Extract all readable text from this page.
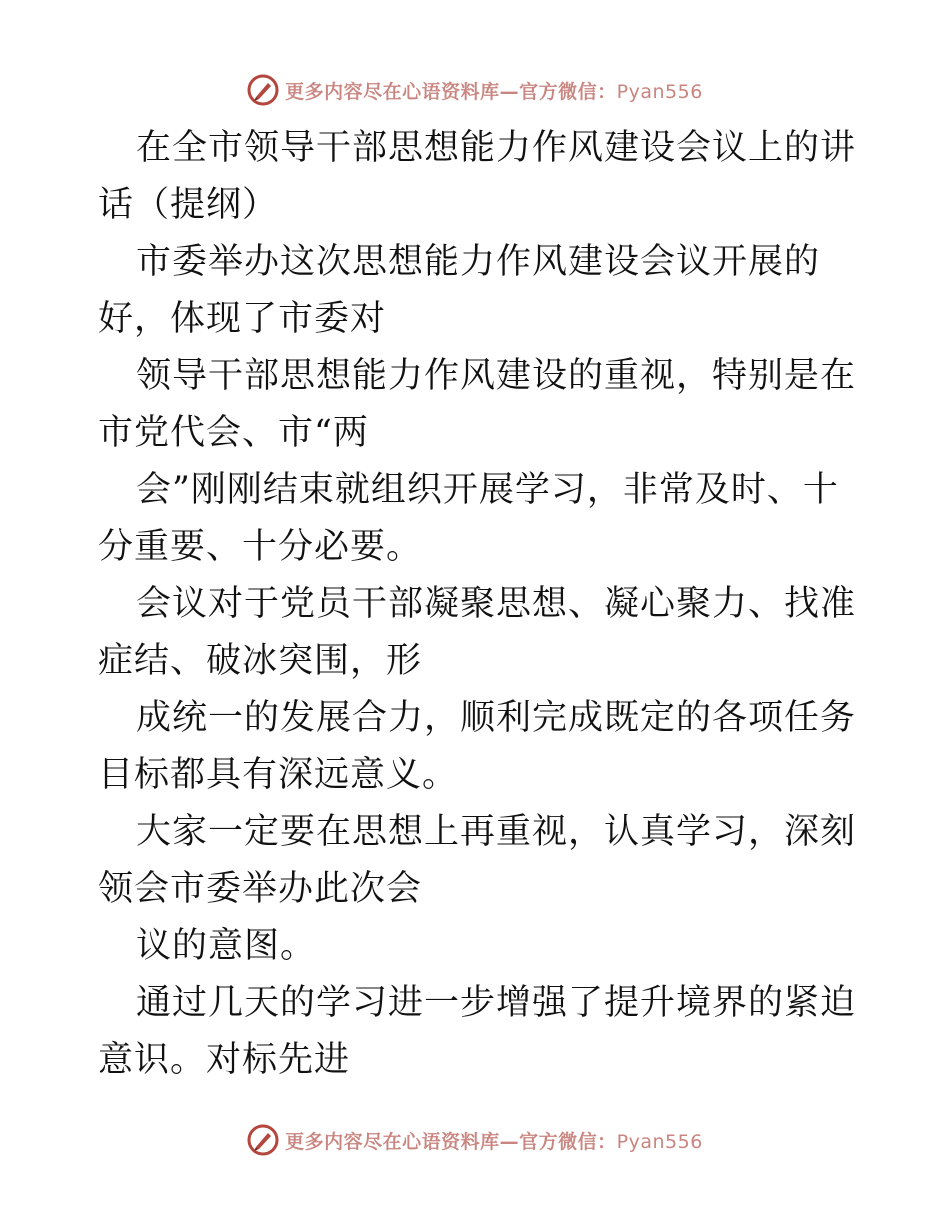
更多内容尽在心语资料库—官方微信：Pyan556

在全市领导干部思想能力作风建设会议上的讲话（提纲）

市委举办这次思想能力作风建设会议开展的好，体现了市委对

领导干部思想能力作风建设的重视，特别是在市党代会、市“两

会”刚刚结束就组织开展学习，非常及时、十分重要、十分必要。

会议对于党员干部凝聚思想、凝心聚力、找准症结、破冰突围，形

成统一的发展合力，顺利完成既定的各项任务目标都具有深远意义。

大家一定要在思想上再重视，认真学习，深刻领会市委举办此次会

议的意图。

通过几天的学习进一步增强了提升境界的紧迫意识。对标先进

更多内容尽在心语资料库—官方微信：Pyan556
